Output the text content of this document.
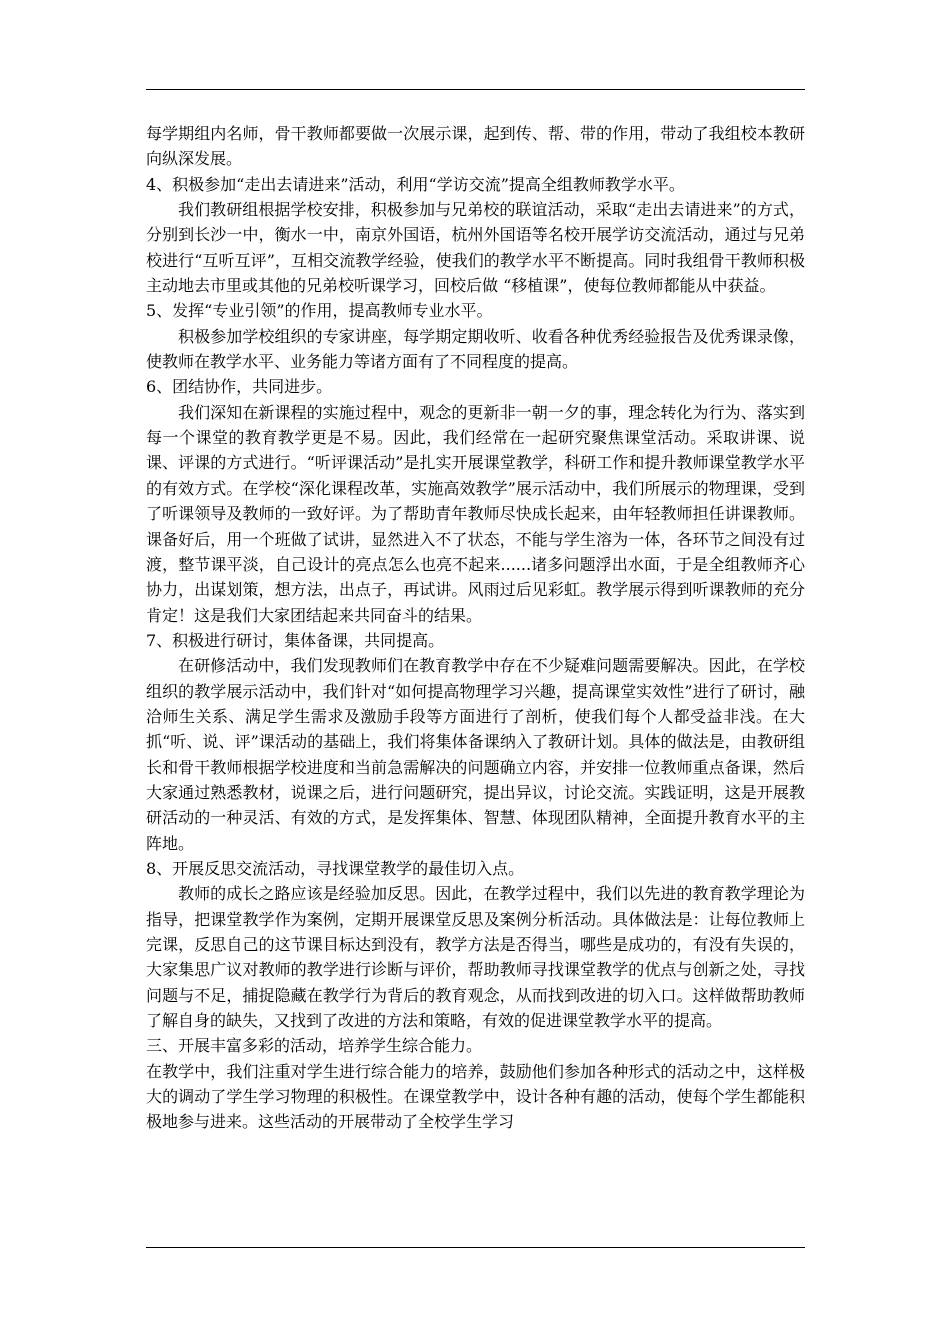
每学期组内名师，骨干教师都要做一次展示课，起到传、帮、带的作用，带动了我组校本教研向纵深发展。

4、积极参加“走出去请进来”活动，利用“学访交流”提高全组教师教学水平。

我们教研组根据学校安排，积极参加与兄弟校的联谊活动，采取“走出去请进来”的方式，分别到长沙一中，衡水一中，南京外国语，杭州外国语等名校开展学访交流活动，通过与兄弟校进行“互听互评”，互相交流教学经验，使我们的教学水平不断提高。同时我组骨干教师积极主动地去市里或其他的兄弟校听课学习，回校后做 “移植课”，使每位教师都能从中获益。

5、发挥“专业引领”的作用，提高教师专业水平。

积极参加学校组织的专家讲座，每学期定期收听、收看各种优秀经验报告及优秀课录像，使教师在教学水平、业务能力等诸方面有了不同程度的提高。

6、团结协作，共同进步。

我们深知在新课程的实施过程中，观念的更新非一朝一夕的事，理念转化为行为、落实到每一个课堂的教育教学更是不易。因此，我们经常在一起研究聚焦课堂活动。采取讲课、说课、评课的方式进行。“听评课活动”是扎实开展课堂教学，科研工作和提升教师课堂教学水平的有效方式。在学校“深化课程改革，实施高效教学”展示活动中，我们所展示的物理课，受到了听课领导及教师的一致好评。为了帮助青年教师尽快成长起来，由年轻教师担任讲课教师。课备好后，用一个班做了试讲，显然进入不了状态，不能与学生溶为一体，各环节之间没有过渡，整节课平淡，自己设计的亮点怎么也亮不起来......诸多问题浮出水面，于是全组教师齐心协力，出谋划策，想方法，出点子，再试讲。风雨过后见彩虹。教学展示得到听课教师的充分肯定！这是我们大家团结起来共同奋斗的结果。

7、积极进行研讨，集体备课，共同提高。

在研修活动中，我们发现教师们在教育教学中存在不少疑难问题需要解决。因此，在学校组织的教学展示活动中，我们针对“如何提高物理学习兴趣，提高课堂实效性”进行了研讨，融洽师生关系、满足学生需求及激励手段等方面进行了剖析，使我们每个人都受益非浅。在大抓“听、说、评”课活动的基础上，我们将集体备课纳入了教研计划。具体的做法是，由教研组长和骨干教师根据学校进度和当前急需解决的问题确立内容，并安排一位教师重点备课，然后大家通过熟悉教材，说课之后，进行问题研究，提出异议，讨论交流。实践证明，这是开展教研活动的一种灵活、有效的方式，是发挥集体、智慧、体现团队精神，全面提升教育水平的主阵地。

8、开展反思交流活动，寻找课堂教学的最佳切入点。

教师的成长之路应该是经验加反思。因此，在教学过程中，我们以先进的教育教学理论为指导，把课堂教学作为案例，定期开展课堂反思及案例分析活动。具体做法是：让每位教师上完课，反思自己的这节课目标达到没有，教学方法是否得当，哪些是成功的，有没有失误的，大家集思广议对教师的教学进行诊断与评价，帮助教师寻找课堂教学的优点与创新之处，寻找问题与不足，捕捉隐藏在教学行为背后的教育观念，从而找到改进的切入口。这样做帮助教师了解自身的缺失，又找到了改进的方法和策略，有效的促进课堂教学水平的提高。

三、开展丰富多彩的活动，培养学生综合能力。

在教学中，我们注重对学生进行综合能力的培养，鼓励他们参加各种形式的活动之中，这样极大的调动了学生学习物理的积极性。在课堂教学中，设计各种有趣的活动，使每个学生都能积极地参与进来。这些活动的开展带动了全校学生学习
